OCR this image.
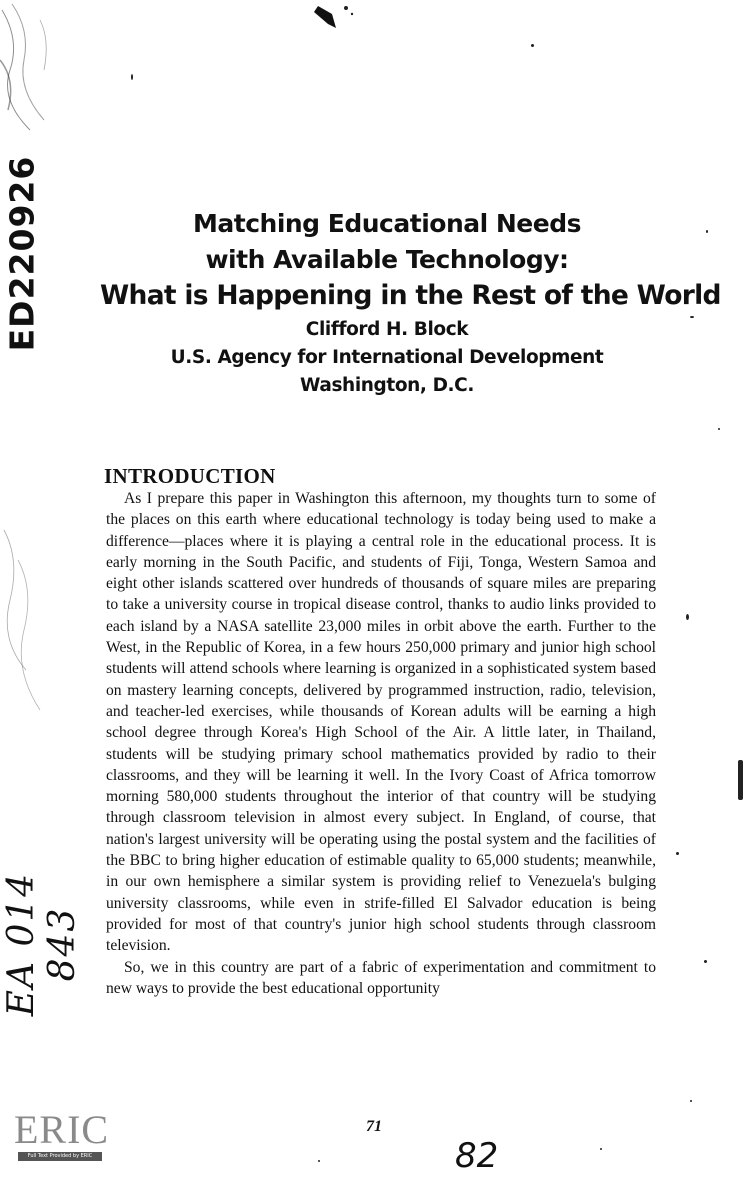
ED220926
EA 014 843
Matching Educational Needs
with Available Technology:
What is Happening in the Rest of the World
Clifford H. Block
U.S. Agency for International Development
Washington, D.C.
INTRODUCTION

As I prepare this paper in Washington this afternoon, my thoughts turn to some of the places on this earth where educational technology is today being used to make a difference—places where it is playing a central role in the educational process. It is early morning in the South Pacific, and students of Fiji, Tonga, Western Samoa and eight other islands scattered over hundreds of thousands of square miles are preparing to take a university course in tropical disease control, thanks to audio links provided to each island by a NASA satellite 23,000 miles in orbit above the earth. Further to the West, in the Republic of Korea, in a few hours 250,000 primary and junior high school students will attend schools where learning is organized in a sophisticated system based on mastery learning concepts, delivered by programmed instruction, radio, television, and teacher-led exercises, while thousands of Korean adults will be earning a high school degree through Korea's High School of the Air. A little later, in Thailand, students will be studying primary school mathematics provided by radio to their classrooms, and they will be learning it well. In the Ivory Coast of Africa tomorrow morning 580,000 students throughout the interior of that country will be studying through classroom television in almost every subject. In England, of course, that nation's largest university will be operating using the postal system and the facilities of the BBC to bring higher education of estimable quality to 65,000 students; meanwhile, in our own hemisphere a similar system is providing relief to Venezuela's bulging university classrooms, while even in strife-filled El Salvador education is being provided for most of that country's junior high school students through classroom television.

So, we in this country are part of a fabric of experimentation and commitment to new ways to provide the best educational opportunity

71
82
ERIC
Full Text Provided by ERIC
